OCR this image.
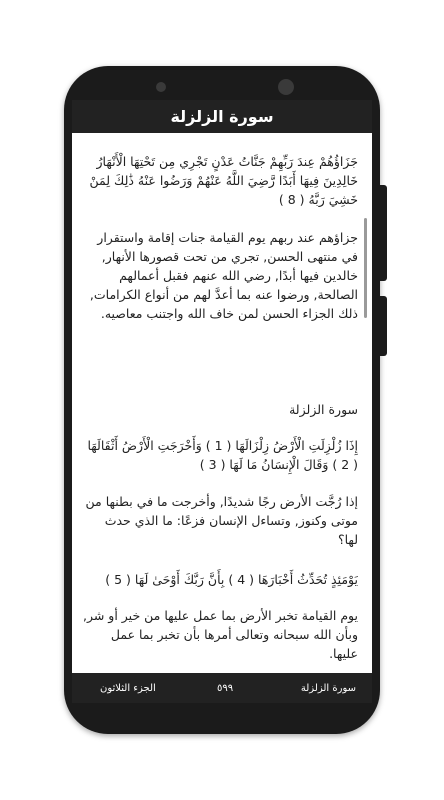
سورة الزلزلة

جَزَاؤُهُمْ عِندَ رَبِّهِمْ جَنَّاتُ عَدْنٍ تَجْرِي مِن تَحْتِهَا الْأَنْهَارُ خَالِدِينَ فِيهَا أَبَدًا رَّضِيَ اللَّهُ عَنْهُمْ وَرَضُوا عَنْهُ ذَٰلِكَ لِمَنْ خَشِيَ رَبَّهُ ( 8 )

جزاؤهم عند ربهم يوم القيامة جنات إقامة واستقرار في منتهى الحسن, تجري من تحت قصورها الأنهار, خالدين فيها أبدًا, رضي الله عنهم فقبل أعمالهم الصالحة, ورضوا عنه بما أعدَّ لهم من أنواع الكرامات, ذلك الجزاء الحسن لمن خاف الله واجتنب معاصيه.

سورة الزلزلة

إِذَا زُلْزِلَتِ الْأَرْضُ زِلْزَالَهَا ( 1 ) وَأَخْرَجَتِ الْأَرْضُ أَثْقَالَهَا ( 2 ) وَقَالَ الْإِنسَانُ مَا لَهَا ( 3 )

إذا رُجَّت الأرض رجًا شديدًا, وأخرجت ما في بطنها من موتى وكنوز, وتساءل الإنسان فزعًا: ما الذي حدث لها؟

يَوْمَئِذٍ تُحَدِّثُ أَخْبَارَهَا ( 4 ) بِأَنَّ رَبَّكَ أَوْحَىٰ لَهَا ( 5 )

يوم القيامة تخبر الأرض بما عمل عليها من خير أو شر, وبأن الله سبحانه وتعالى أمرها بأن تخبر بما عمل عليها.

سورة الزلزلة
٥٩٩
الجزء الثلاثون
